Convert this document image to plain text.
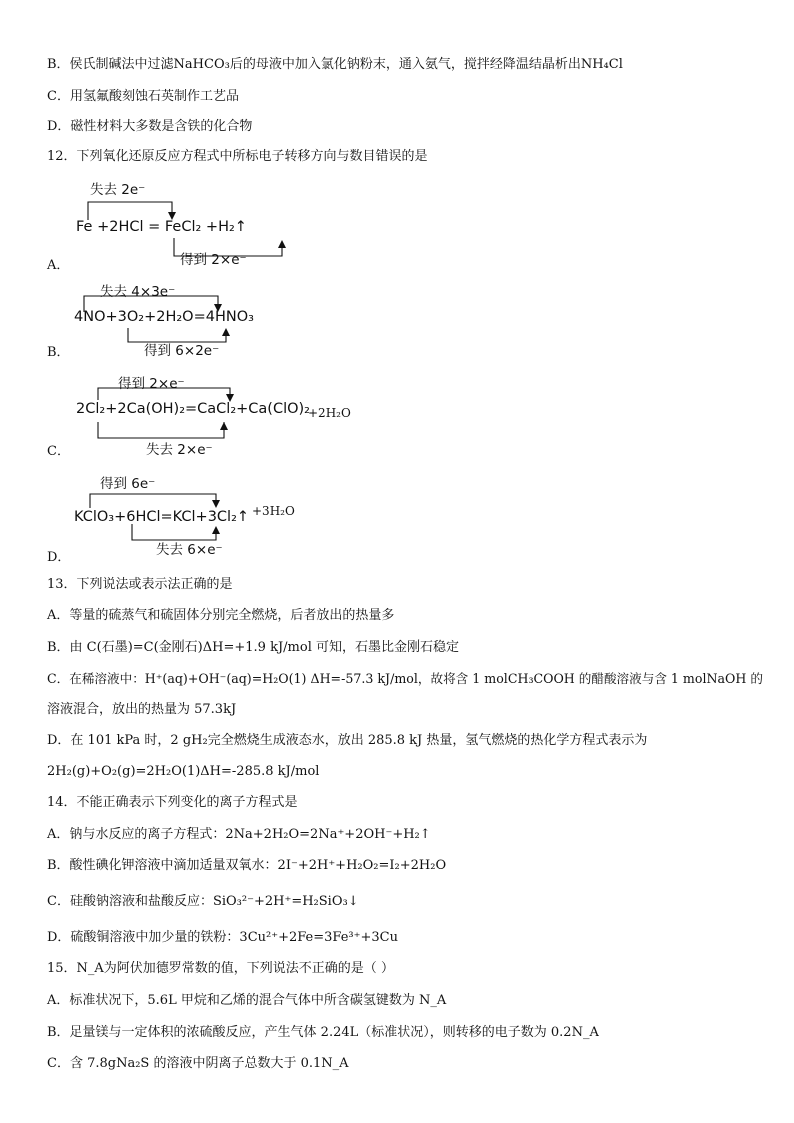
B．侯氏制碱法中过滤NaHCO₃后的母液中加入氯化钠粉末，通入氨气，搅拌经降温结晶析出NH₄Cl
C．用氢氟酸刻蚀石英制作工艺品
D．磁性材料大多数是含铁的化合物
12．下列氧化还原反应方程式中所标电子转移方向与数目错误的是
A．
失去 2e⁻
Fe +2HCl = FeCl₂ +H₂↑
得到 2×e⁻
B．
失去 4×3e⁻
4NO+3O₂+2H₂O=4HNO₃
得到 6×2e⁻
C．
得到 2×e⁻
2Cl₂+2Ca(OH)₂=CaCl₂+Ca(ClO)₂
+2H₂O
失去 2×e⁻
D．
得到 6e⁻
KClO₃+6HCl=KCl+3Cl₂↑ +3H₂O
失去 6×e⁻
13．下列说法或表示法正确的是
A．等量的硫蒸气和硫固体分别完全燃烧，后者放出的热量多
B．由 C(石墨)=C(金刚石)ΔH=+1.9 kJ/mol 可知，石墨比金刚石稳定
C．在稀溶液中：H⁺(aq)+OH⁻(aq)=H₂O(1) ΔH=-57.3 kJ/mol，故将含 1 molCH₃COOH 的醋酸溶液与含 1 molNaOH 的
溶液混合，放出的热量为 57.3kJ
D．在 101 kPa 时，2 gH₂完全燃烧生成液态水，放出 285.8 kJ 热量，氢气燃烧的热化学方程式表示为
2H₂(g)+O₂(g)=2H₂O(1)ΔH=-285.8 kJ/mol
14．不能正确表示下列变化的离子方程式是
A．钠与水反应的离子方程式：2Na+2H₂O=2Na⁺+2OH⁻+H₂↑
B．酸性碘化钾溶液中滴加适量双氧水：2I⁻+2H⁺+H₂O₂=I₂+2H₂O
C．硅酸钠溶液和盐酸反应：SiO₃²⁻+2H⁺=H₂SiO₃↓
D．硫酸铜溶液中加少量的铁粉：3Cu²⁺+2Fe=3Fe³⁺+3Cu
15．N_A为阿伏加德罗常数的值，下列说法不正确的是（ ）
A．标准状况下，5.6L 甲烷和乙烯的混合气体中所含碳氢键数为 N_A
B．足量镁与一定体积的浓硫酸反应，产生气体 2.24L（标准状况），则转移的电子数为 0.2N_A
C．含 7.8gNa₂S 的溶液中阴离子总数大于 0.1N_A
